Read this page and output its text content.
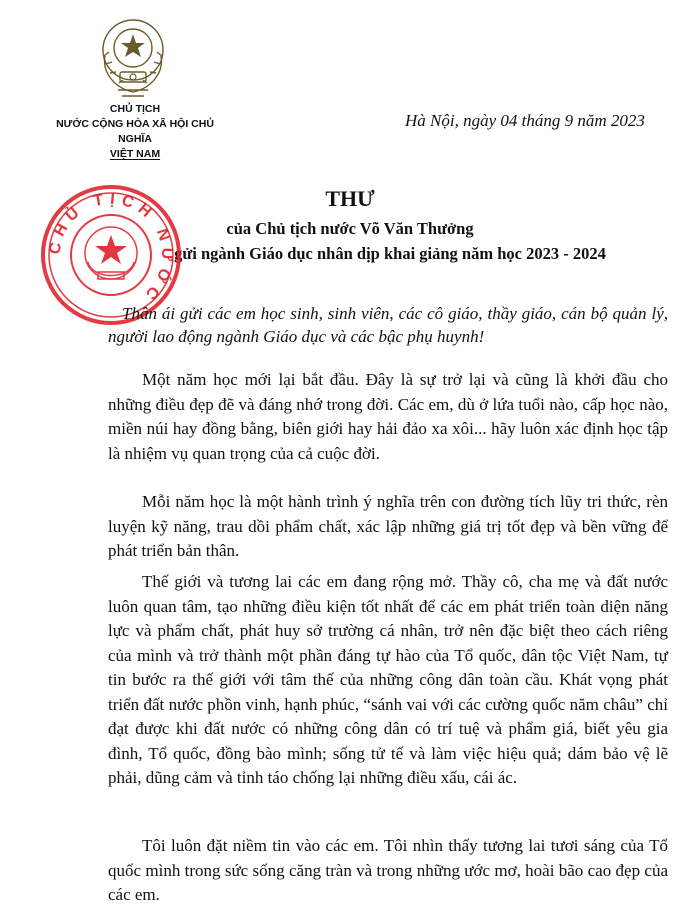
CHỦ TỊCH
NƯỚC CỘNG HÒA XÃ HỘI CHỦ NGHĨA
VIỆT NAM
Hà Nội, ngày 04 tháng 9 năm 2023
THƯ
của Chủ tịch nước Võ Văn Thưởng
gửi ngành Giáo dục nhân dịp khai giảng năm học 2023 - 2024
CHỦ TỊCH NƯỚC
Thân ái gửi các em học sinh, sinh viên, các cô giáo, thầy giáo, cán bộ quản lý, người lao động ngành Giáo dục và các bậc phụ huynh!

Một năm học mới lại bắt đầu. Đây là sự trở lại và cũng là khởi đầu cho những điều đẹp đẽ và đáng nhớ trong đời. Các em, dù ở lứa tuổi nào, cấp học nào, miền núi hay đồng bằng, biên giới hay hải đảo xa xôi... hãy luôn xác định học tập là nhiệm vụ quan trọng của cả cuộc đời.

Mỗi năm học là một hành trình ý nghĩa trên con đường tích lũy tri thức, rèn luyện kỹ năng, trau dồi phẩm chất, xác lập những giá trị tốt đẹp và bền vững để phát triển bản thân.

Thế giới và tương lai các em đang rộng mở. Thầy cô, cha mẹ và đất nước luôn quan tâm, tạo những điều kiện tốt nhất để các em phát triển toàn diện năng lực và phẩm chất, phát huy sở trường cá nhân, trở nên đặc biệt theo cách riêng của mình và trở thành một phần đáng tự hào của Tổ quốc, dân tộc Việt Nam, tự tin bước ra thế giới với tâm thế của những công dân toàn cầu. Khát vọng phát triển đất nước phồn vinh, hạnh phúc, “sánh vai với các cường quốc năm châu” chỉ đạt được khi đất nước có những công dân có trí tuệ và phẩm giá, biết yêu gia đình, Tổ quốc, đồng bào mình; sống tử tế và làm việc hiệu quả; dám bảo vệ lẽ phải, dũng cảm và tỉnh táo chống lại những điều xấu, cái ác.

Tôi luôn đặt niềm tin vào các em. Tôi nhìn thấy tương lai tươi sáng của Tổ quốc mình trong sức sống căng tràn và trong những ước mơ, hoài bão cao đẹp của các em.
